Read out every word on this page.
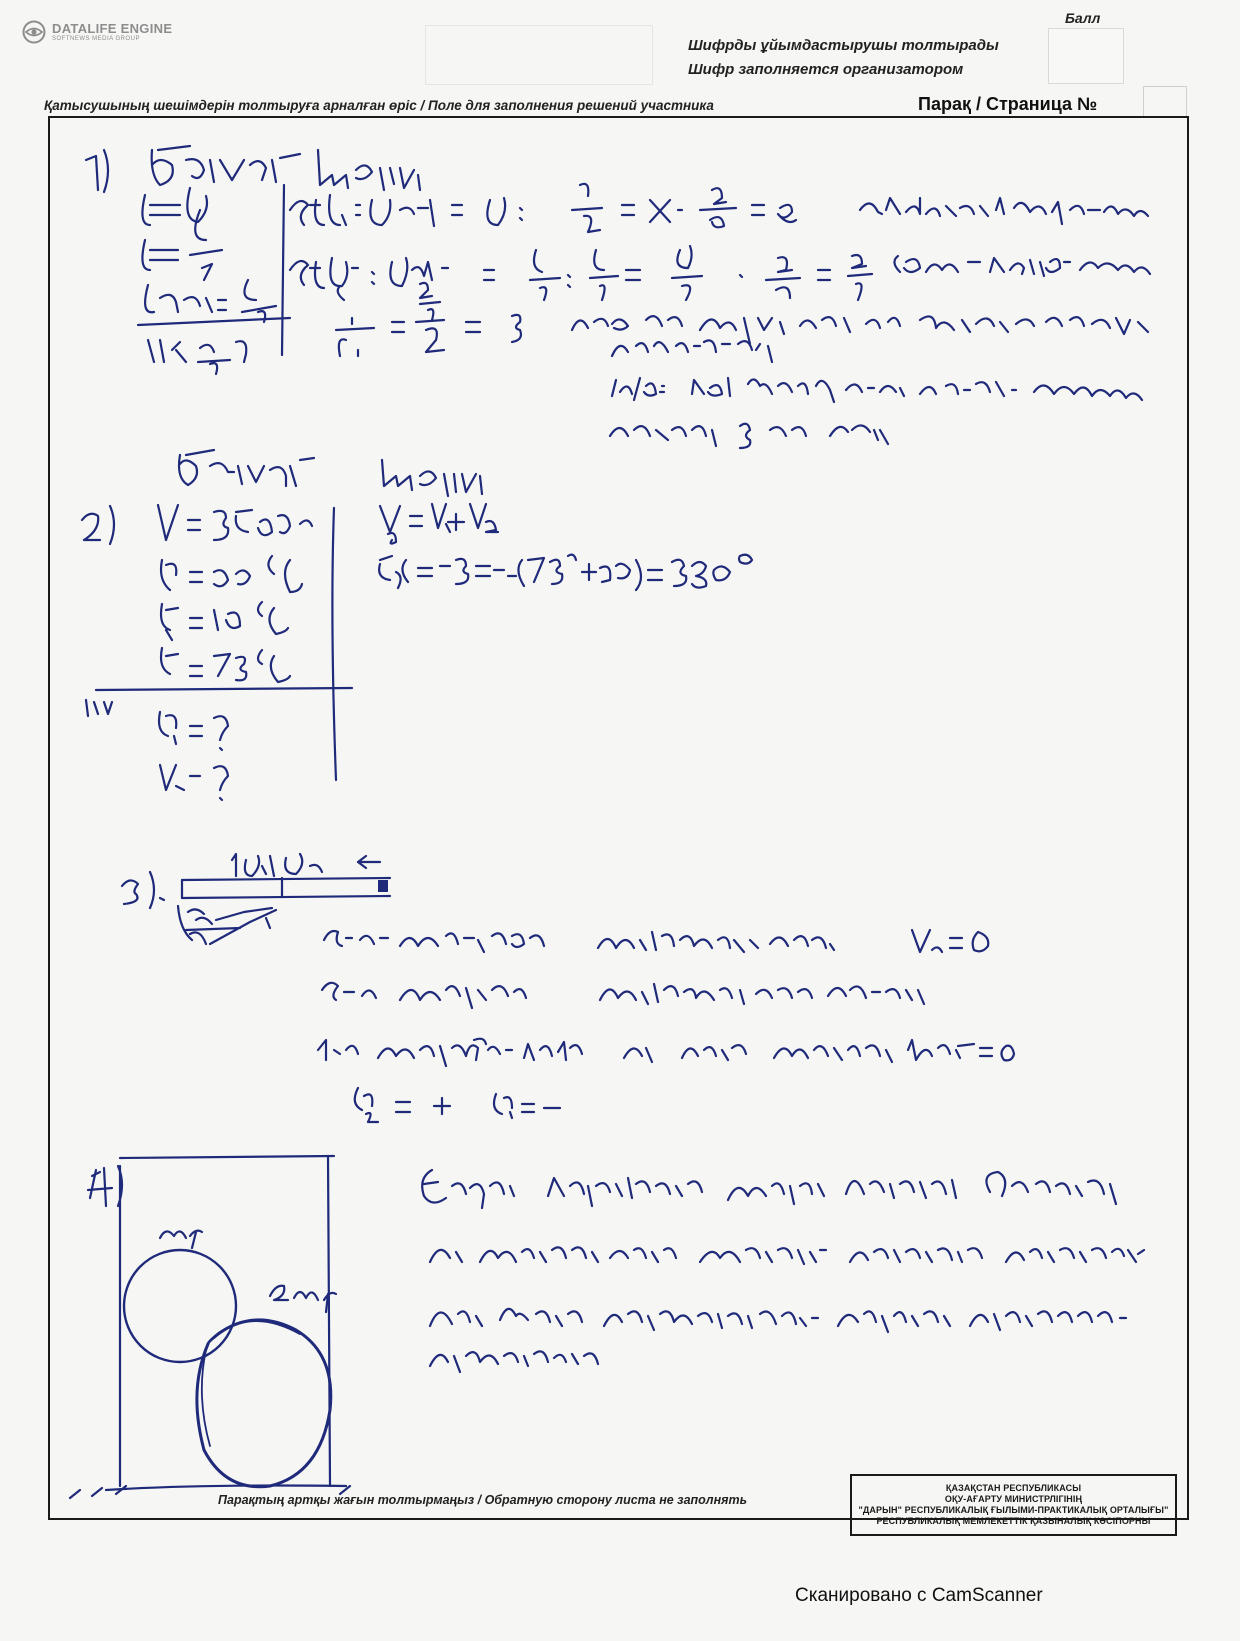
DATALIFE ENGINE
SOFTNEWS MEDIA GROUP	Шифрды ұйымдастырушы толтырады
Шифр заполняется организатором
Балл
Қатысушының шешімдерін толтыруға арналған өріс / Поле для заполнения решений участника	Парақ / Страница №
Парақтың артқы жағын толтырмаңыз / Обратную сторону листа не заполнять
ҚАЗАҚСТАН РЕСПУБЛИКАСЫ
ОҚУ-АҒАРТУ МИНИСТРЛІГІНІҢ
"ДАРЫН" РЕСПУБЛИКАЛЫҚ ҒЫЛЫМИ-ПРАКТИКАЛЫҚ ОРТАЛЫҒЫ"
РЕСПУБЛИКАЛЫҚ МЕМЛЕКЕТТІК ҚАЗЫНАЛЫҚ КӘСІПОРНЫ
Сканировано с CamScanner
